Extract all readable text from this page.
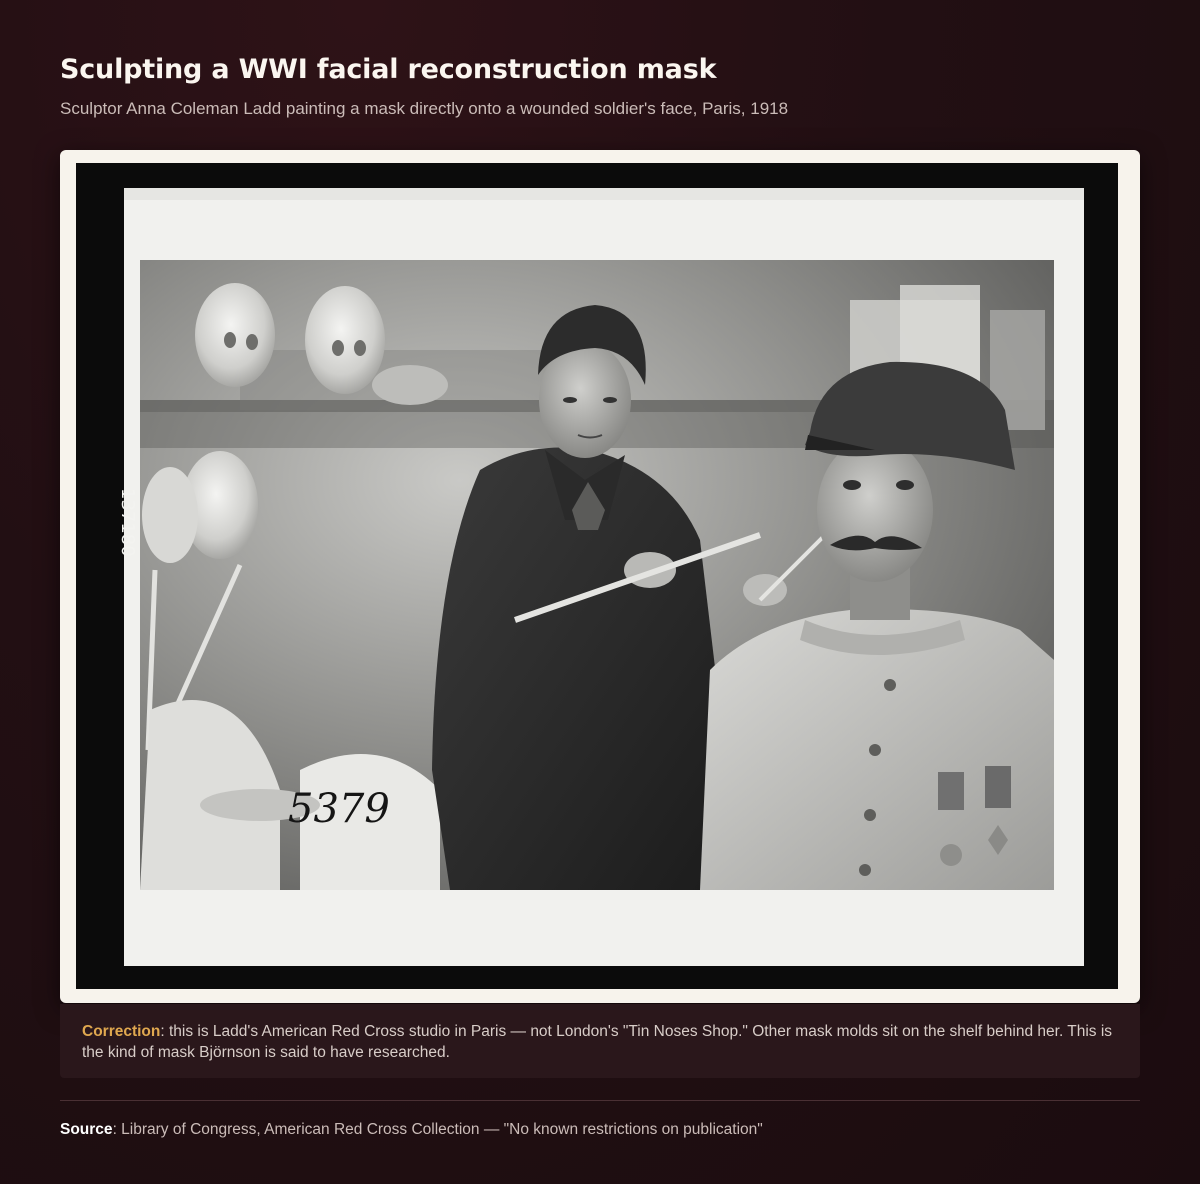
Sculpting a WWI facial reconstruction mask

Sculptor Anna Coleman Ladd painting a mask directly onto a wounded soldier's face, Paris, 1918

5379
137180
Correction: this is Ladd's American Red Cross studio in Paris — not London's "Tin Noses Shop." Other mask molds sit on the shelf behind her. This is the kind of mask Björnson is said to have researched.
Source: Library of Congress, American Red Cross Collection — "No known restrictions on publication"
